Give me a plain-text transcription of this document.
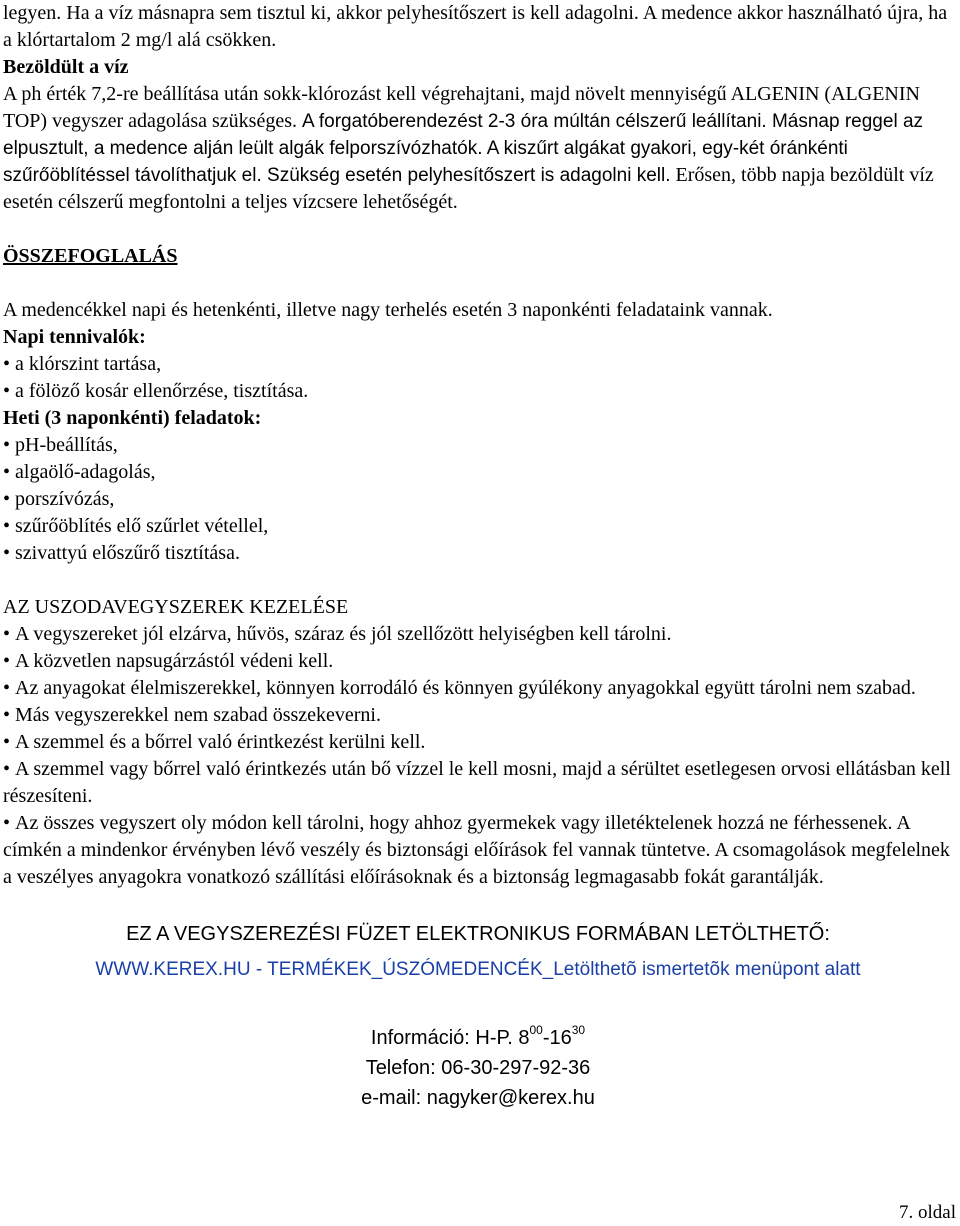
legyen. Ha a víz másnapra sem tisztul ki, akkor pelyhesítőszert is kell adagolni. A medence akkor használható újra, ha a klórtartalom 2 mg/l alá csökken.

Bezöldült a víz

A ph érték 7,2-re beállítása után sokk-klórozást kell végrehajtani, majd növelt mennyiségű ALGENIN (ALGENIN TOP) vegyszer adagolása szükséges. A forgatóberendezést 2-3 óra múltán célszerű leállítani. Másnap reggel az elpusztult, a medence alján leült algák felporszívózhatók. A kiszűrt algákat gyakori, egy-két óránkénti szűrőöblítéssel távolíthatjuk el. Szükség esetén pelyhesítőszert is adagolni kell. Erősen, több napja bezöldült víz esetén célszerű megfontolni a teljes vízcsere lehetőségét.

ÖSSZEFOGLALÁS

A medencékkel napi és hetenkénti, illetve nagy terhelés esetén 3 naponkénti feladataink vannak.

Napi tennivalók:

• a klórszint tartása,

• a fölöző kosár ellenőrzése, tisztítása.

Heti (3 naponkénti) feladatok:

• pH-beállítás,

• algaölő-adagolás,

• porszívózás,

• szűrőöblítés elő szűrlet vétellel,

• szivattyú előszűrő tisztítása.

AZ USZODAVEGYSZEREK KEZELÉSE

• A vegyszereket jól elzárva, hűvös, száraz és jól szellőzött helyiségben kell tárolni.

• A közvetlen napsugárzástól védeni kell.

• Az anyagokat élelmiszerekkel, könnyen korrodáló és könnyen gyúlékony anyagokkal együtt tárolni nem szabad.

• Más vegyszerekkel nem szabad összekeverni.

• A szemmel és a bőrrel való érintkezést kerülni kell.

• A szemmel vagy bőrrel való érintkezés után bő vízzel le kell mosni, majd a sérültet esetlegesen orvosi ellátásban kell részesíteni.

• Az összes vegyszert oly módon kell tárolni, hogy ahhoz gyermekek vagy illetéktelenek hozzá ne férhessenek. A címkén a mindenkor érvényben lévő veszély és biztonsági előírások fel vannak tüntetve. A csomagolások megfelelnek a veszélyes anyagokra vonatkozó szállítási előírásoknak és a biztonság legmagasabb fokát garantálják.

EZ A VEGYSZEREZÉSI FÜZET ELEKTRONIKUS FORMÁBAN LETÖLTHETŐ:

WWW.KEREX.HU - TERMÉKEK_ÚSZÓMEDENCÉK_Letölthetõ ismertetõk menüpont alatt

Információ: H-P. $8^{00}-16^{30}$
Telefon: 06-30-297-92-36
e-mail: nagyker@kerex.hu
7. oldal
